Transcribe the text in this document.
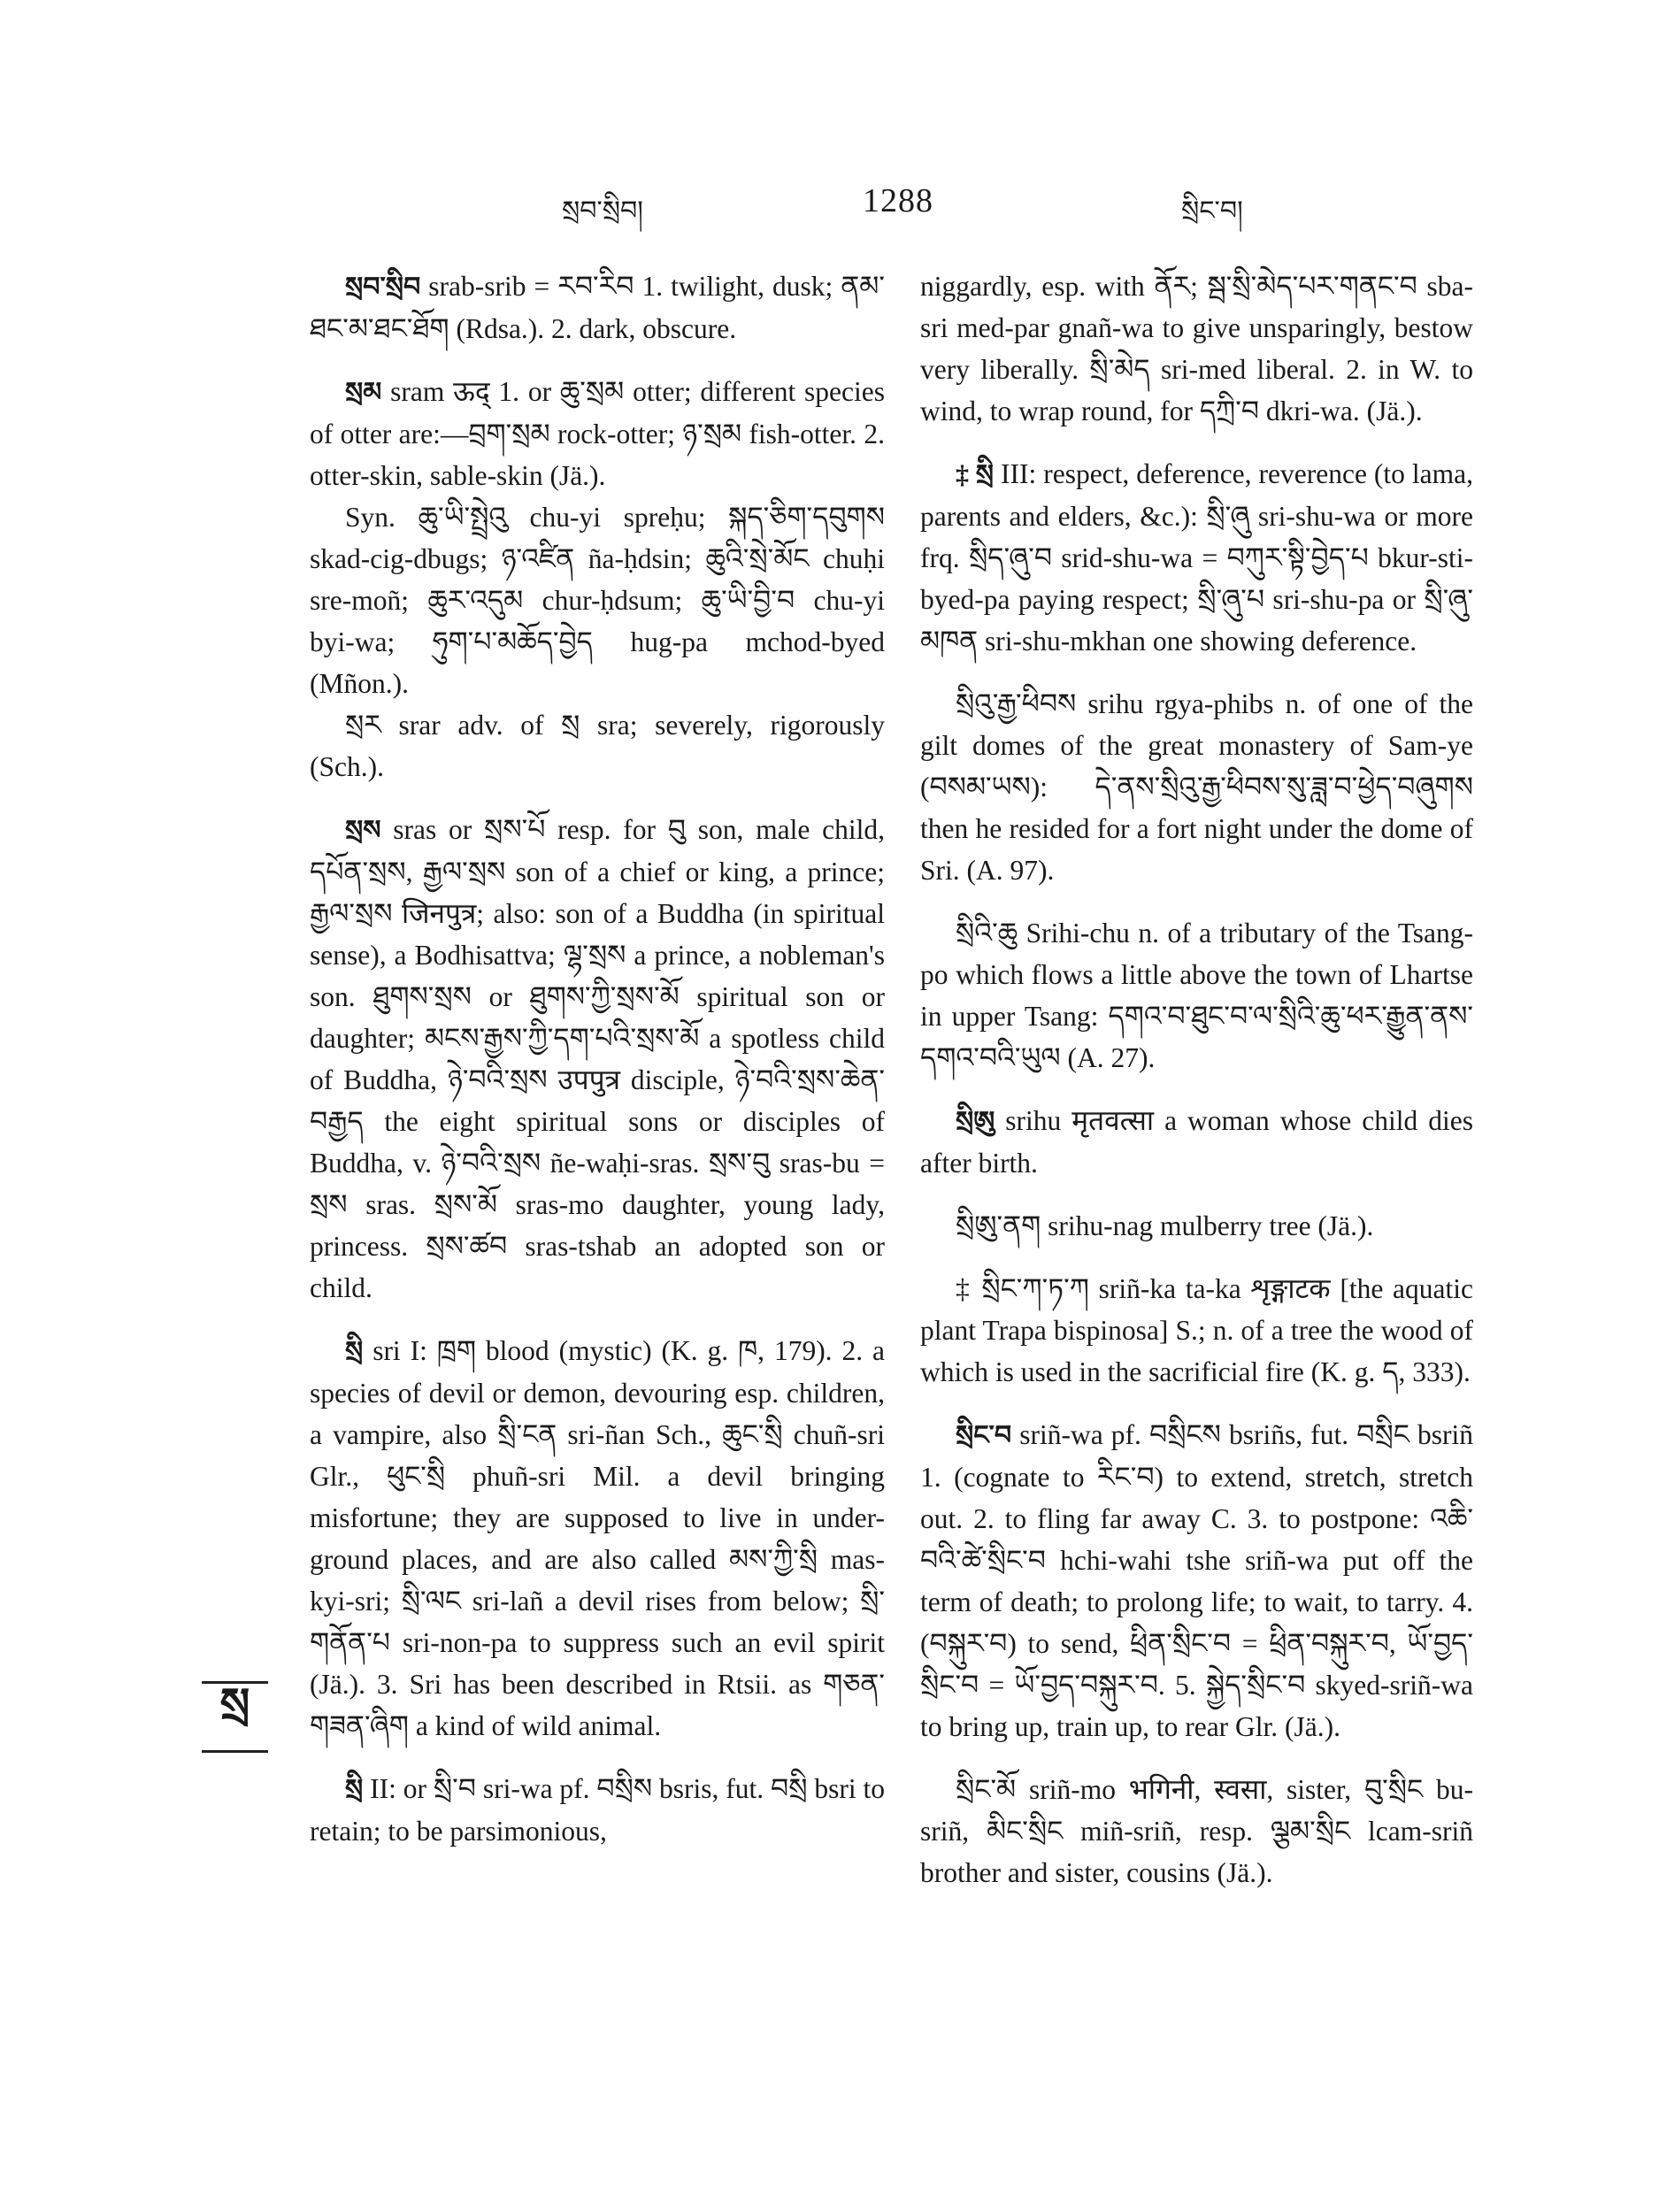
སྲབ་སྲིབ།	1288	སྲིང་བ།

སྲབ་སྲིབ srab-srib = རབ་རིབ 1. twilight, dusk; ནམ་ཐང་མ་ཐང་ཐོག (Rdsa.). 2. dark, obscure.

སྲམ sram ऊद् 1. or ཆུ་སྲམ otter; different species of otter are:—བྲག་སྲམ rock-otter; ཉ་སྲམ fish-otter. 2. otter-skin, sable-skin (Jä.).

Syn. ཆུ་ཡི་སྤྲེའུ chu-yi spreḥu; སྐད་ཅིག་དབུགས skad-cig-dbugs; ཉ་འཛིན ña-ḥdsin; ཆུའི་སྲེ་མོང chuḥi sre-moñ; ཆུར་འདུམ chur-ḥdsum; ཆུ་ཡི་བྱི་བ chu-yi byi-wa; ཧུག་པ་མཆོད་བྱེད hug-pa mchod-byed (Mñon.).

སྲར srar adv. of སྲ sra; severely, rigorously (Sch.).

སྲས sras or སྲས་པོ resp. for བུ son, male child, དཔོན་སྲས, རྒྱལ་སྲས son of a chief or king, a prince; རྒྱལ་སྲས जिनपुत्र; also: son of a Buddha (in spiritual sense), a Bodhisattva; ལྷ་སྲས a prince, a nobleman's son. ཐུགས་སྲས or ཐུགས་ཀྱི་སྲས་མོ spiritual son or daughter; མངས་རྒྱས་ཀྱི་དག་པའི་སྲས་མོ a spotless child of Buddha, ཉེ་བའི་སྲས उपपुत्र disciple, ཉེ་བའི་སྲས་ཆེན་བརྒྱད the eight spiritual sons or disciples of Buddha, v. ཉེ་བའི་སྲས ñe-waḥi-sras. སྲས་བུ sras-bu = སྲས sras. སྲས་མོ sras-mo daughter, young lady, princess. སྲས་ཚབ sras-tshab an adopted son or child.

སྲི sri I: ཁྲག blood (mystic) (K. g. ཁ, 179). 2. a species of devil or demon, devouring esp. children, a vampire, also སྲི་ངན sri-ñan Sch., ཆུང་སྲི chuñ-sri Glr., ཕུང་སྲི phuñ-sri Mil. a devil bringing misfortune; they are supposed to live in under-ground places, and are also called མས་ཀྱི་སྲི mas-kyi-sri; སྲི་ལང sri-lañ a devil rises from below; སྲི་གནོན་པ sri-non-pa to suppress such an evil spirit (Jä.). 3. Sri has been described in Rtsii. as གཅན་གཟན་ཞིག a kind of wild animal.

སྲི II: or སྲི་བ sri-wa pf. བསྲིས bsris, fut. བསྲི bsri to retain; to be parsimonious,

niggardly, esp. with ནོར; སྦ་སྲི་མེད་པར་གནང་བ sba-sri med-par gnañ-wa to give unsparingly, bestow very liberally. སྲི་མེད sri-med liberal. 2. in W. to wind, to wrap round, for དཀྲི་བ dkri-wa. (Jä.).

‡ སྲི III: respect, deference, reverence (to lama, parents and elders, &c.): སྲི་ཞུ sri-shu-wa or more frq. སྲིད་ཞུ་བ srid-shu-wa = བཀུར་སྟི་བྱེད་པ bkur-sti-byed-pa paying respect; སྲི་ཞུ་པ sri-shu-pa or སྲི་ཞུ་མཁན sri-shu-mkhan one showing deference.

སྲིའུ་རྒྱ་ཕིབས srihu rgya-phibs n. of one of the gilt domes of the great monastery of Sam-ye (བསམ་ཡས): དེ་ནས་སྲིའུ་རྒྱ་ཕིབས་སུ་ཟླ་བ་ཕྱེད་བཞུགས then he resided for a fort night under the dome of Sri. (A. 97).

སྲིའི་ཆུ Srihi-chu n. of a tributary of the Tsang-po which flows a little above the town of Lhartse in upper Tsang: དགའ་བ་ཐུང་བ་ལ་སྲིའི་ཆུ་ཕར་རྒྱུན་ནས་དགའ་བའི་ཡུལ (A. 27).

སྲིཨུ srihu मृतवत्सा a woman whose child dies after birth.

སྲིཨུ་ནག srihu-nag mulberry tree (Jä.).

‡ སྲིང་ཀ་ཏ་ཀ sriñ-ka ta-ka शृङ्गाटक [the aquatic plant Trapa bispinosa] S.; n. of a tree the wood of which is used in the sacrificial fire (K. g. ད, 333).

སྲིང་བ sriñ-wa pf. བསྲིངས bsriñs, fut. བསྲིང bsriñ 1. (cognate to རིང་བ) to extend, stretch, stretch out. 2. to fling far away C. 3. to postpone: འཆི་བའི་ཚེ་སྲིང་བ hchi-wahi tshe sriñ-wa put off the term of death; to prolong life; to wait, to tarry. 4. (བསྐུར་བ) to send, ཕྲིན་སྲིང་བ = ཕྲིན་བསྐུར་བ, ཡོ་བྱད་སྲིང་བ = ཡོ་བྱད་བསྐུར་བ. 5. སྐྱེད་སྲིང་བ skyed-sriñ-wa to bring up, train up, to rear Glr. (Jä.).

སྲིང་མོ sriñ-mo भगिनी, स्वसा, sister, བུ་སྲིང bu-sriñ, མིང་སྲིང miñ-sriñ, resp. ལྕམ་སྲིང lcam-sriñ brother and sister, cousins (Jä.).

སྲ
